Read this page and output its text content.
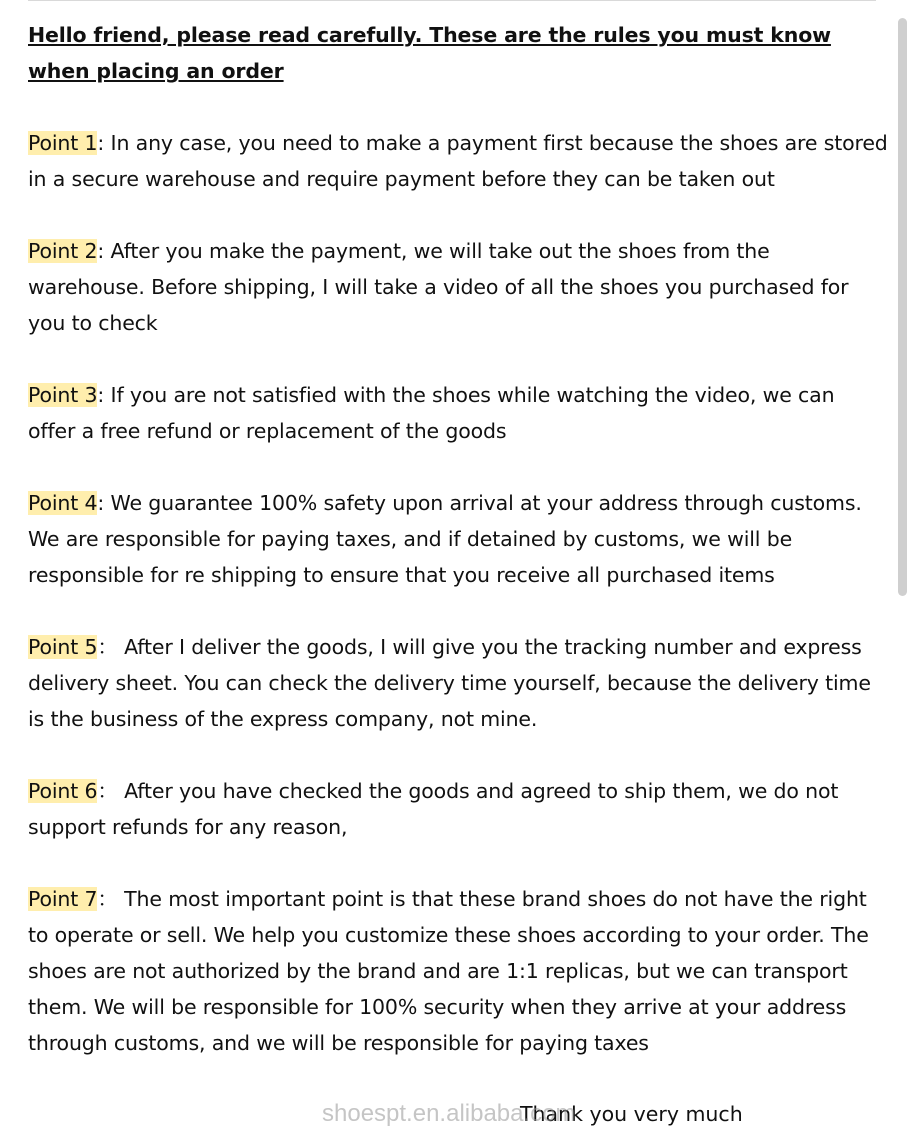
Hello friend, please read carefully. These are the rules you must know when placing an order

Point 1: In any case, you need to make a payment first because the shoes are stored in a secure warehouse and require payment before they can be taken out

Point 2: After you make the payment, we will take out the shoes from the warehouse. Before shipping, I will take a video of all the shoes you purchased for you to check

Point 3: If you are not satisfied with the shoes while watching the video, we can offer a free refund or replacement of the goods

Point 4: We guarantee 100% safety upon arrival at your address through customs. We are responsible for paying taxes, and if detained by customs, we will be responsible for re shipping to ensure that you receive all purchased items

Point 5： After I deliver the goods, I will give you the tracking number and express delivery sheet. You can check the delivery time yourself, because the delivery time is the business of the express company, not mine.

Point 6： After you have checked the goods and agreed to ship them, we do not support refunds for any reason,

Point 7： The most important point is that these brand shoes do not have the right to operate or sell. We help you customize these shoes according to your order. The shoes are not authorized by the brand and are 1:1 replicas, but we can transport them. We will be responsible for 100% security when they arrive at your address through customs, and we will be responsible for paying taxes

Thank you very much
shoespt.en.alibaba.com
